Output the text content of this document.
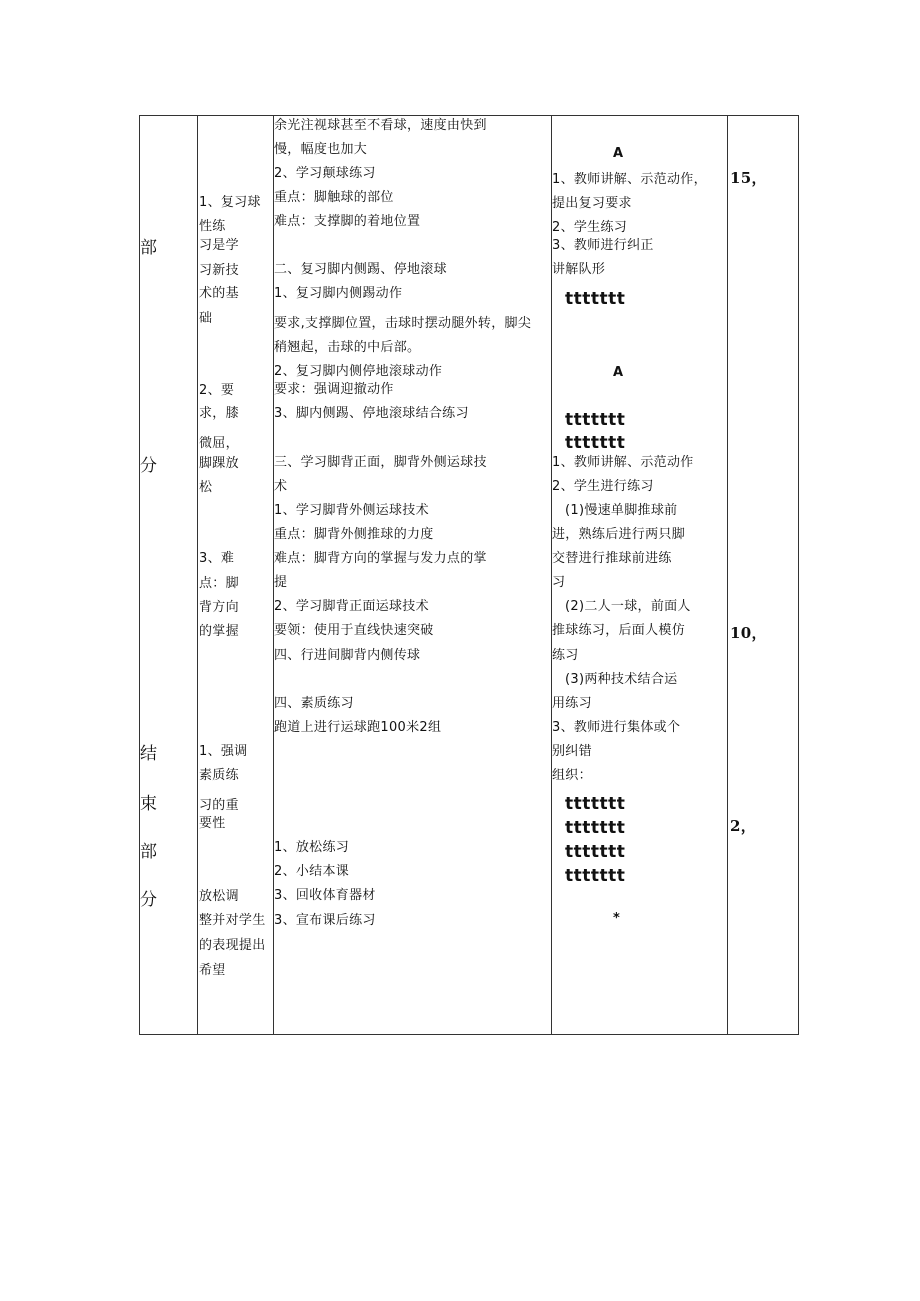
部
分
结
束
部
分
1、复习球
性练
习是学
习新技
术的基
础
2、要
求，膝
微屈，
脚踝放
松
3、难
点：脚
背方向
的掌握
1、强调
素质练
习的重
要性
放松调
整并对学生
的表现提出
希望
余光注视球甚至不看球，速度由快到
慢，幅度也加大
2、学习颠球练习
重点：脚触球的部位
难点：支撑脚的着地位置
二、复习脚内侧踢、停地滚球
1、复习脚内侧踢动作
要求,支撑脚位置，击球时摆动腿外转，脚尖
稍翘起，击球的中后部。
2、复习脚内侧停地滚球动作
要求：强调迎撤动作
3、脚内侧踢、停地滚球结合练习
三、学习脚背正面，脚背外侧运球技
术
1、学习脚背外侧运球技术
重点：脚背外侧推球的力度
难点：脚背方向的掌握与发力点的掌
提
2、学习脚背正面运球技术
要领：使用于直线快速突破
四、行进间脚背内侧传球
四、素质练习
跑道上进行运球跑100米2组
1、放松练习
2、小结本课
3、回收体育器材
3、宣布课后练习
A
1、教师讲解、示范动作，
提出复习要求
2、学生练习
3、教师进行纠正
讲解队形
ttttttt
A
ttttttt
ttttttt
1、教师讲解、示范动作
2、学生进行练习
(1)慢速单脚推球前
进，熟练后进行两只脚
交替进行推球前进练
习
(2)二人一球，前面人
推球练习，后面人模仿
练习
(3)两种技术结合运
用练习
3、教师进行集体或个
别纠错
组织：
ttttttt
ttttttt
ttttttt
ttttttt
*
15，
10，
2，
